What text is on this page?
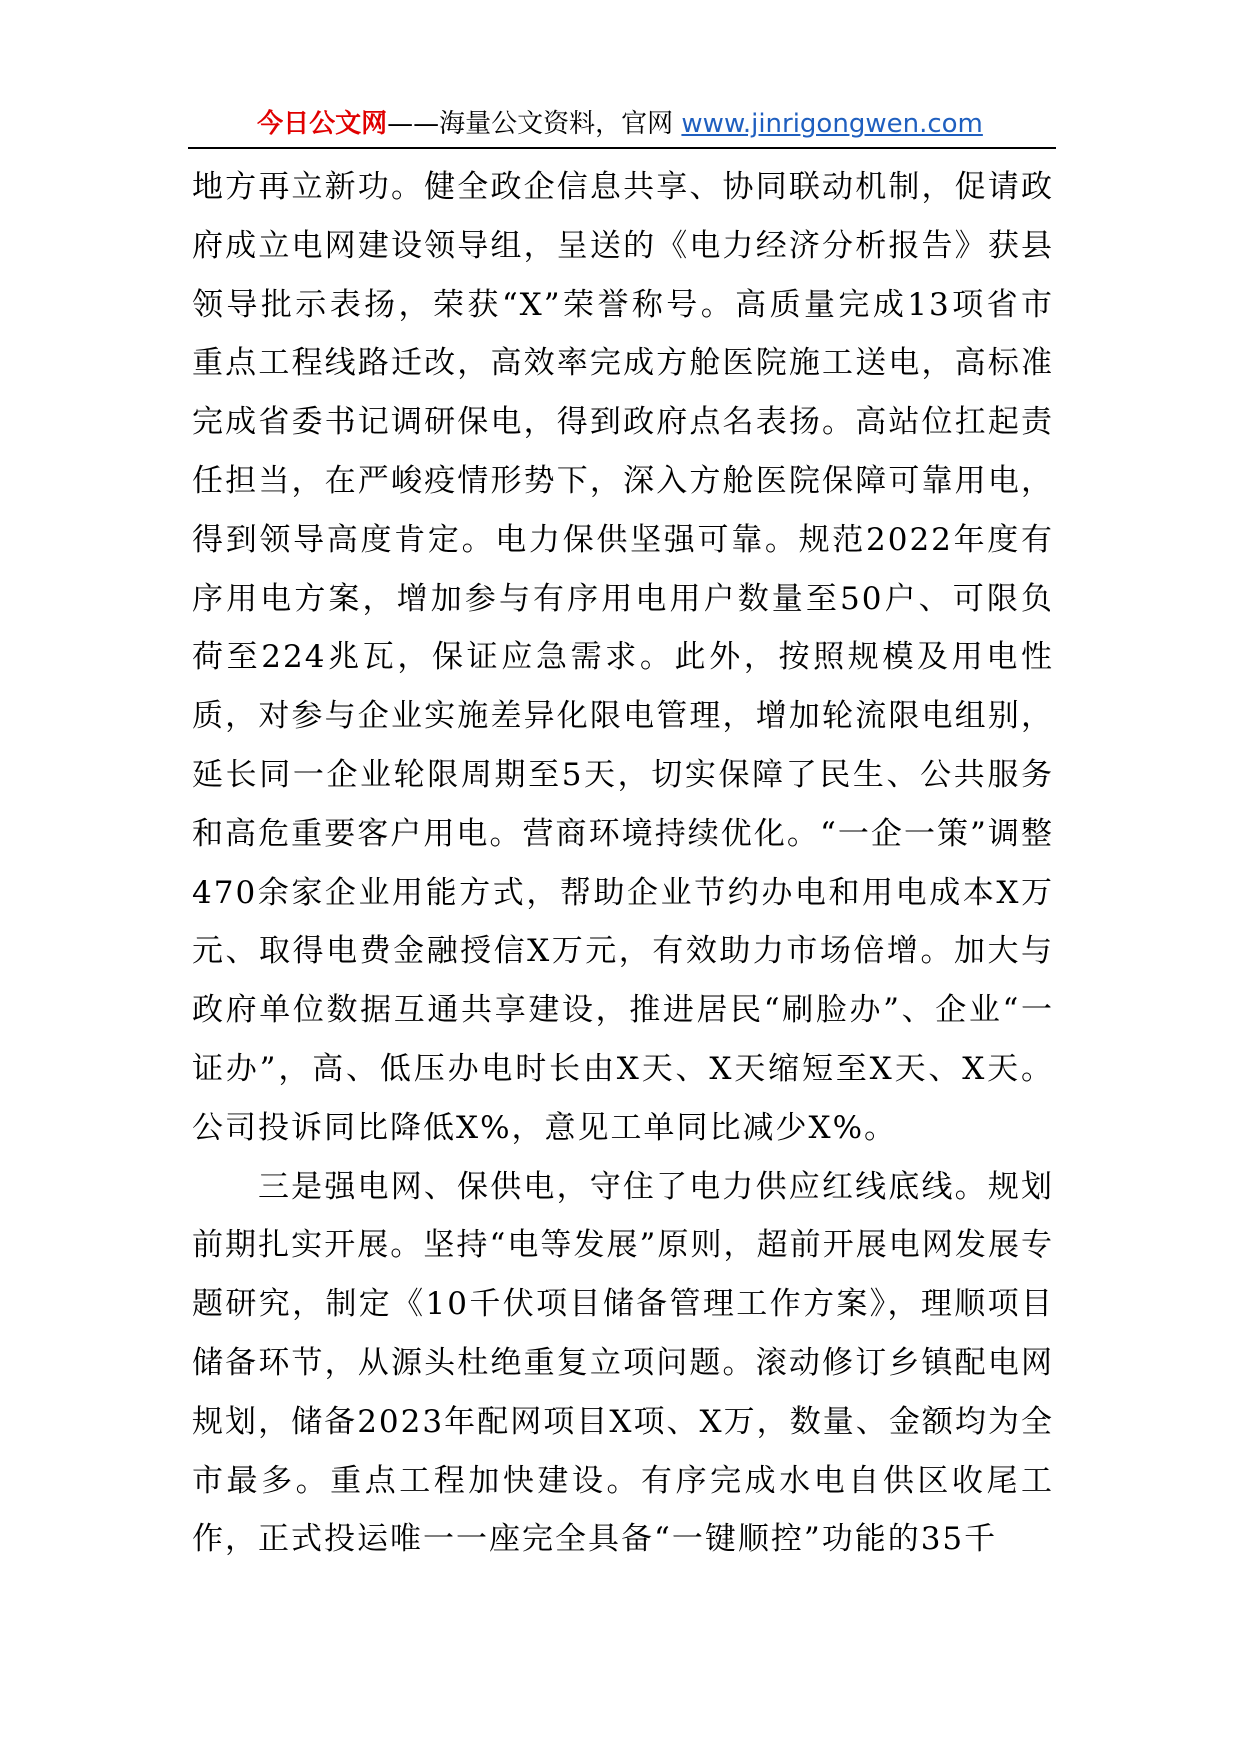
今日公文网——海量公文资料，官网 www.jinrigongwen.com

地方再立新功。健全政企信息共享、协同联动机制，促请政府成立电网建设领导组，呈送的《电力经济分析报告》获县领导批示表扬，荣获“X”荣誉称号。高质量完成13项省市重点工程线路迁改，高效率完成方舱医院施工送电，高标准完成省委书记调研保电，得到政府点名表扬。高站位扛起责任担当，在严峻疫情形势下，深入方舱医院保障可靠用电，得到领导高度肯定。电力保供坚强可靠。规范2022年度有序用电方案，增加参与有序用电用户数量至50户、可限负荷至224兆瓦，保证应急需求。此外，按照规模及用电性质，对参与企业实施差异化限电管理，增加轮流限电组别，延长同一企业轮限周期至5天，切实保障了民生、公共服务和高危重要客户用电。营商环境持续优化。“一企一策”调整470余家企业用能方式，帮助企业节约办电和用电成本X万元、取得电费金融授信X万元，有效助力市场倍增。加大与政府单位数据互通共享建设，推进居民“刷脸办”、企业“一证办”，高、低压办电时长由X天、X天缩短至X天、X天。公司投诉同比降低X%，意见工单同比减少X%。

三是强电网、保供电，守住了电力供应红线底线。规划前期扎实开展。坚持“电等发展”原则，超前开展电网发展专题研究，制定《10千伏项目储备管理工作方案》，理顺项目储备环节，从源头杜绝重复立项问题。滚动修订乡镇配电网规划，储备2023年配网项目X项、X万，数量、金额均为全市最多。重点工程加快建设。有序完成水电自供区收尾工作，正式投运唯一一座完全具备“一键顺控”功能的35千
